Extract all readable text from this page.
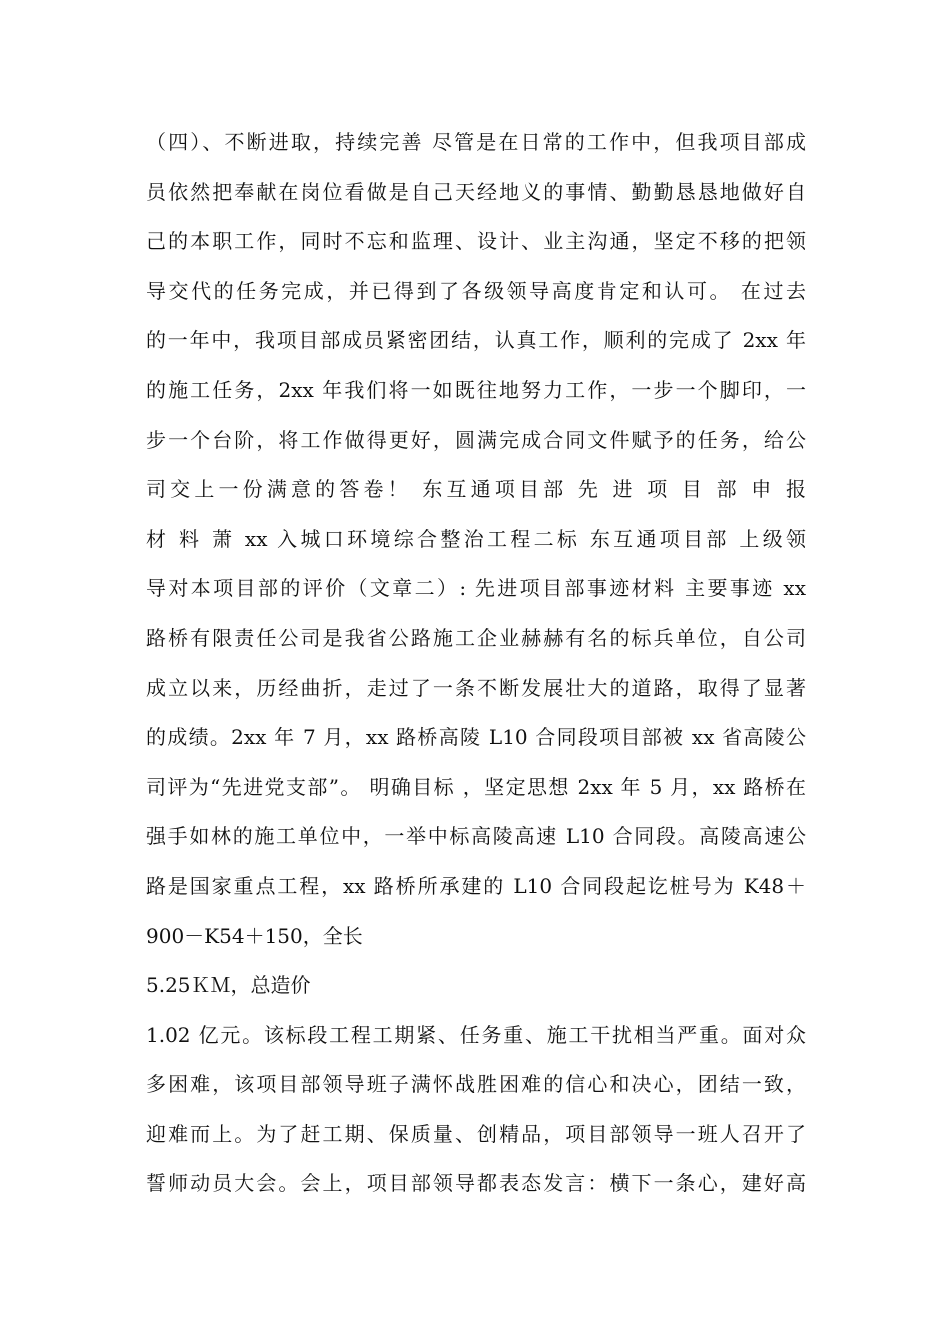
（四）、不断进取，持续完善 尽管是在日常的工作中，但我项目部成
员依然把奉献在岗位看做是自己天经地义的事情、勤勤恳恳地做好自
己的本职工作，同时不忘和监理、设计、业主沟通，坚定不移的把领
导交代的任务完成，并已得到了各级领导高度肯定和认可。 在过去
的一年中，我项目部成员紧密团结，认真工作，顺利的完成了 2xx 年
的施工任务，2xx 年我们将一如既往地努力工作，一步一个脚印，一
步一个台阶，将工作做得更好，圆满完成合同文件赋予的任务，给公
司交上一份满意的答卷！ 东互通项目部 先 进 项 目 部 申 报
材 料 萧 xx 入城口环境综合整治工程二标 东互通项目部 上级领
导对本项目部的评价（文章二）: 先进项目部事迹材料 主要事迹 xx
路桥有限责任公司是我省公路施工企业赫赫有名的标兵单位，自公司
成立以来，历经曲折，走过了一条不断发展壮大的道路，取得了显著
的成绩。2xx 年 7 月，xx 路桥高陵 L10 合同段项目部被 xx 省高陵公
司评为“先进党支部”。 明确目标 ，坚定思想 2xx 年 5 月，xx 路桥在
强手如林的施工单位中，一举中标高陵高速 L10 合同段。高陵高速公
路是国家重点工程，xx 路桥所承建的 L10 合同段起讫桩号为 K48＋
900－K54＋150，全长
5.25ＫＭ，总造价
1.02 亿元。该标段工程工期紧、任务重、施工干扰相当严重。面对众
多困难，该项目部领导班子满怀战胜困难的信心和决心，团结一致，
迎难而上。为了赶工期、保质量、创精品，项目部领导一班人召开了
誓师动员大会。会上，项目部领导都表态发言：横下一条心，建好高
